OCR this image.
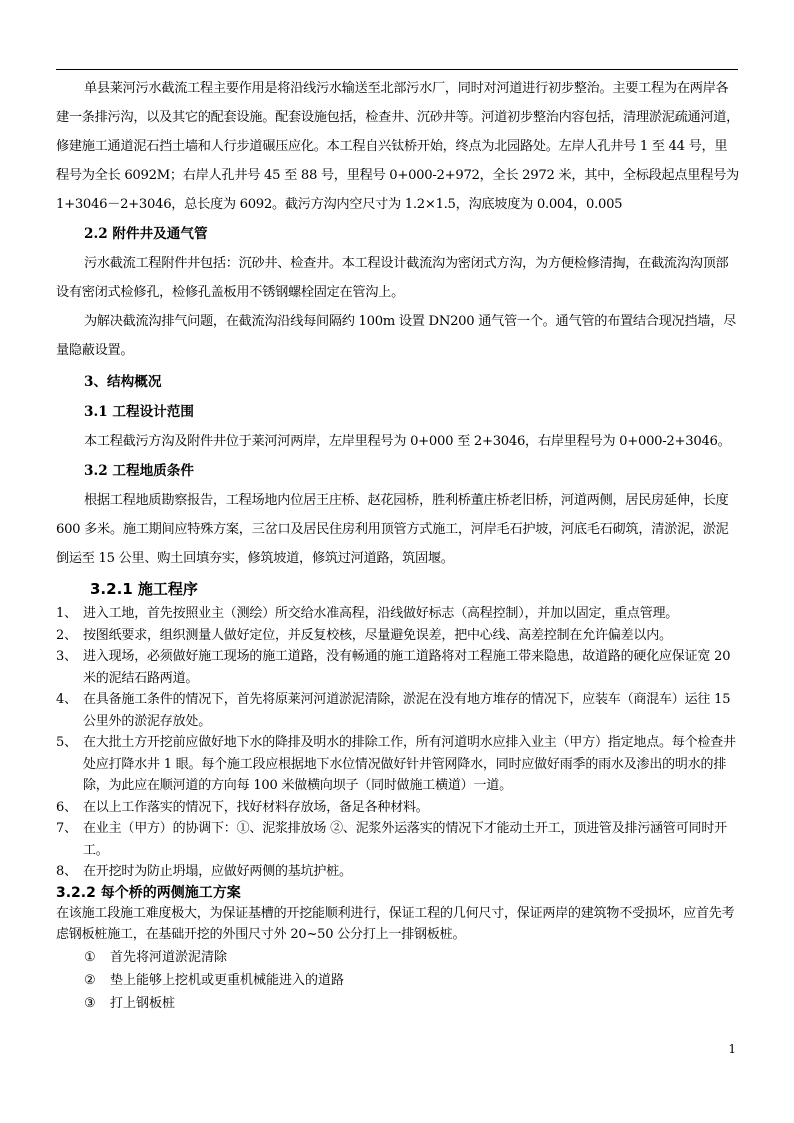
单县莱河污水截流工程主要作用是将沿线污水输送至北部污水厂，同时对河道进行初步整治。主要工程为在两岸各建一条排污沟，以及其它的配套设施。配套设施包括，检查井、沉砂井等。河道初步整治内容包括，清理淤泥疏通河道，修建施工通道泥石挡土墙和人行步道碾压应化。本工程自兴钛桥开始，终点为北园路处。左岸人孔井号 1 至 44 号，里程号为全长 6092M；右岸人孔井号 45 至 88 号，里程号 0+000-2+972，全长 2972 米，其中，全标段起点里程号为 1+3046－2+3046，总长度为 6092。截污方沟内空尺寸为 1.2×1.5，沟底坡度为 0.004，0.005

2.2 附件井及通气管

污水截流工程附件井包括：沉砂井、检查井。本工程设计截流沟为密闭式方沟，为方便检修清掏，在截流沟沟顶部设有密闭式检修孔，检修孔盖板用不锈钢螺栓固定在管沟上。

为解决截流沟排气问题，在截流沟沿线每间隔约 100m 设置 DN200 通气管一个。通气管的布置结合现况挡墙，尽量隐蔽设置。

3、结构概况

3.1 工程设计范围

本工程截污方沟及附件井位于莱河河两岸，左岸里程号为 0+000 至 2+3046，右岸里程号为 0+000-2+3046。

3.2 工程地质条件

根据工程地质勘察报告，工程场地内位居王庄桥、赵花园桥，胜利桥董庄桥老旧桥，河道两侧，居民房延伸，长度 600 多米。施工期间应特殊方案，三岔口及居民住房利用顶管方式施工，河岸毛石护坡，河底毛石砌筑，清淤泥，淤泥倒运至 15 公里、购土回填夯实，修筑坡道，修筑过河道路，筑固堰。

3.2.1 施工程序

1、 进入工地，首先按照业主（测绘）所交给水准高程，沿线做好标志（高程控制），并加以固定，重点管理。
2、 按图纸要求，组织测量人做好定位，并反复校核，尽量避免误差，把中心线、高差控制在允许偏差以内。
3、 进入现场，必须做好施工现场的施工道路，没有畅通的施工道路将对工程施工带来隐患，故道路的硬化应保证宽 20 米的泥结石路两道。
4、 在具备施工条件的情况下，首先将原莱河河道淤泥清除，淤泥在没有地方堆存的情况下，应装车（商混车）运往 15 公里外的淤泥存放处。
5、 在大批土方开挖前应做好地下水的降排及明水的排除工作，所有河道明水应排入业主（甲方）指定地点。每个检查井处应打降水井 1 眼。每个施工段应根据地下水位情况做好针井管网降水，同时应做好雨季的雨水及渗出的明水的排除，为此应在顺河道的方向每 100 米做横向坝子（同时做施工横道）一道。
6、 在以上工作落实的情况下，找好材料存放场，备足各种材料。
7、 在业主（甲方）的协调下：①、泥浆排放场 ②、泥浆外运落实的情况下才能动土开工，顶进管及排污涵管可同时开工。
8、 在开挖时为防止坍塌，应做好两侧的基坑护桩。

3.2.2 每个桥的两侧施工方案

在该施工段施工难度极大，为保证基槽的开挖能顺利进行，保证工程的几何尺寸，保证两岸的建筑物不受损坏，应首先考虑钢板桩施工，在基础开挖的外围尺寸外 20~50 公分打上一排钢板桩。

①	首先将河道淤泥清除
②	垫上能够上挖机或更重机械能进入的道路
③	打上钢板桩
1
